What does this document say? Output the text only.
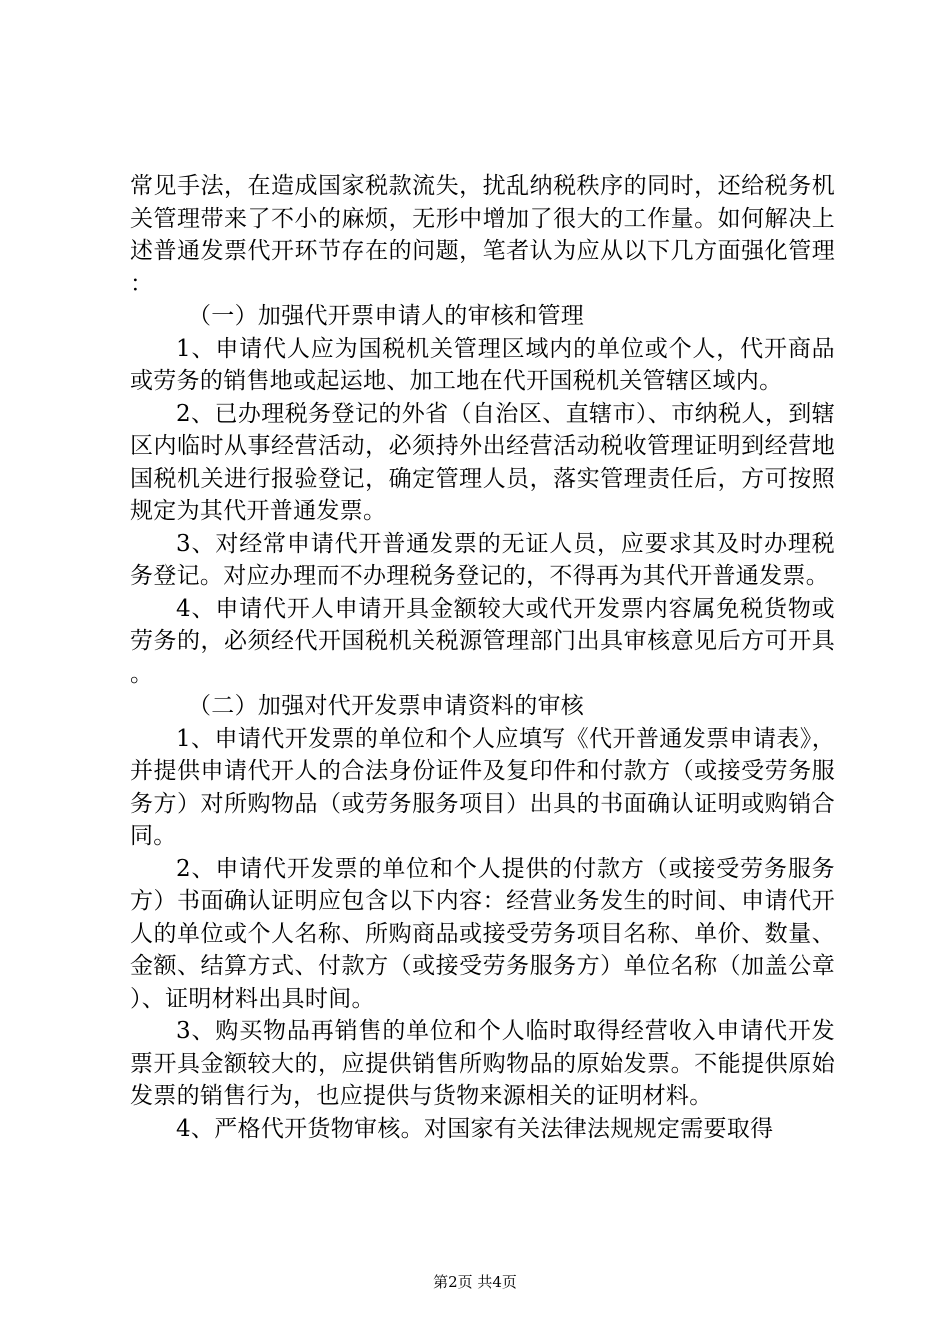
常见手法，在造成国家税款流失，扰乱纳税秩序的同时，还给税务机关管理带来了不小的麻烦，无形中增加了很大的工作量。如何解决上述普通发票代开环节存在的问题，笔者认为应从以下几方面强化管理：

（一）加强代开票申请人的审核和管理

1、申请代人应为国税机关管理区域内的单位或个人，代开商品或劳务的销售地或起运地、加工地在代开国税机关管辖区域内。

2、已办理税务登记的外省（自治区、直辖市）、市纳税人，到辖区内临时从事经营活动，必须持外出经营活动税收管理证明到经营地国税机关进行报验登记，确定管理人员，落实管理责任后，方可按照规定为其代开普通发票。

3、对经常申请代开普通发票的无证人员，应要求其及时办理税务登记。对应办理而不办理税务登记的，不得再为其代开普通发票。

4、申请代开人申请开具金额较大或代开发票内容属免税货物或劳务的，必须经代开国税机关税源管理部门出具审核意见后方可开具。

（二）加强对代开发票申请资料的审核

1、申请代开发票的单位和个人应填写《代开普通发票申请表》，并提供申请代开人的合法身份证件及复印件和付款方（或接受劳务服务方）对所购物品（或劳务服务项目）出具的书面确认证明或购销合同。

2、申请代开发票的单位和个人提供的付款方（或接受劳务服务方）书面确认证明应包含以下内容：经营业务发生的时间、申请代开人的单位或个人名称、所购商品或接受劳务项目名称、单价、数量、金额、结算方式、付款方（或接受劳务服务方）单位名称（加盖公章）、证明材料出具时间。

3、购买物品再销售的单位和个人临时取得经营收入申请代开发票开具金额较大的，应提供销售所购物品的原始发票。不能提供原始发票的销售行为，也应提供与货物来源相关的证明材料。

4、严格代开货物审核。对国家有关法律法规规定需要取得

第2页 共4页
